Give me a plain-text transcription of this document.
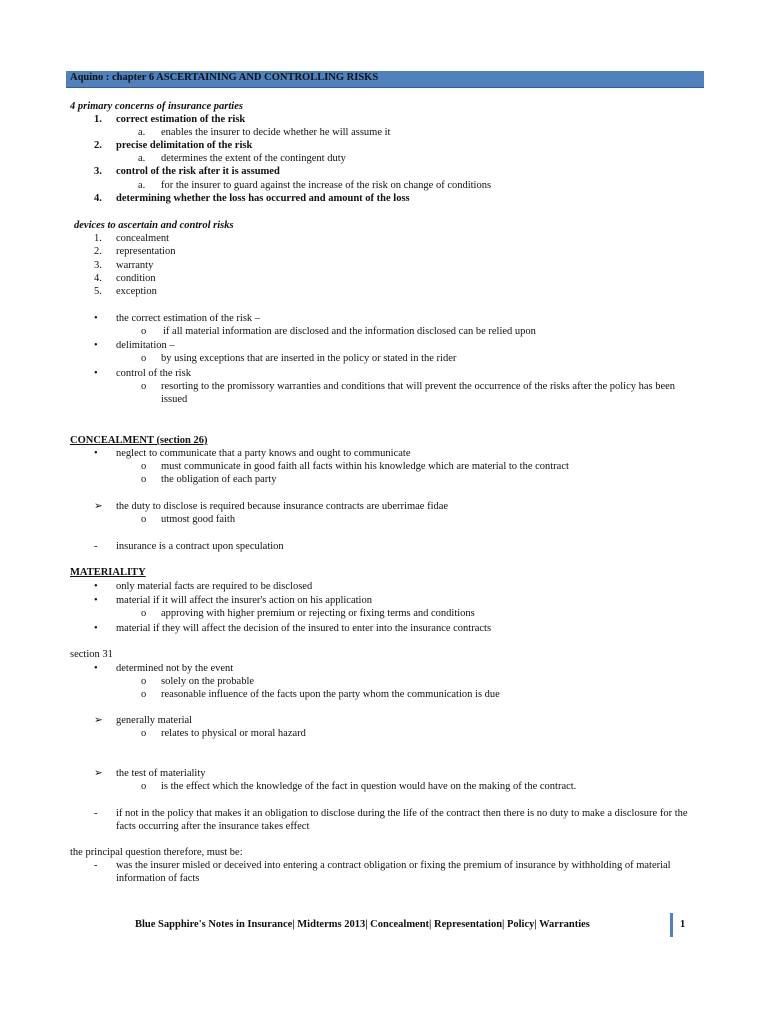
Aquino : chapter 6 ASCERTAINING AND CONTROLLING RISKS
4 primary concerns of insurance parties
1. correct estimation of the risk
a. enables the insurer to decide whether he will assume it
2. precise delimitation of the risk
a. determines the extent of the contingent duty
3. control of the risk after it is assumed
a. for the insurer to guard against the increase of the risk on change of conditions
4. determining whether the loss has occurred and amount of the loss
devices to ascertain and control risks
1. concealment
2. representation
3. warranty
4. condition
5. exception
• the correct estimation of the risk –
o if all material information are disclosed and the information disclosed can be relied upon
• delimitation –
o by using exceptions that are inserted in the policy or stated in the rider
• control of the risk
o resorting to the promissory warranties and conditions that will prevent the occurrence of the risks after the policy has been issued
CONCEALMENT (section 26)
• neglect to communicate that a party knows and ought to communicate
o must communicate in good faith all facts within his knowledge which are material to the contract
o the obligation of each party
➢ the duty to disclose is required because insurance contracts are uberrimae fidae
o utmost good faith
- insurance is a contract upon speculation
MATERIALITY
• only material facts are required to be disclosed
• material if it will affect the insurer's action on his application
o approving with higher premium or rejecting or fixing terms and conditions
• material if they will affect the decision of the insured to enter into the insurance contracts
section 31
• determined not by the event
o solely on the probable
o reasonable influence of the facts upon the party whom the communication is due
➢ generally material
o relates to physical or moral hazard
➢ the test of materiality
o is the effect which the knowledge of the fact in question would have on the making of the contract.
- if not in the policy that makes it an obligation to disclose during the life of the contract then there is no duty to make a disclosure for the facts occurring after the insurance takes effect
the principal question therefore, must be:
- was the insurer misled or deceived into entering a contract obligation or fixing the premium of insurance by withholding of material information of facts
Blue Sapphire's Notes in Insurance| Midterms 2013| Concealment| Representation| Policy| Warranties	1
